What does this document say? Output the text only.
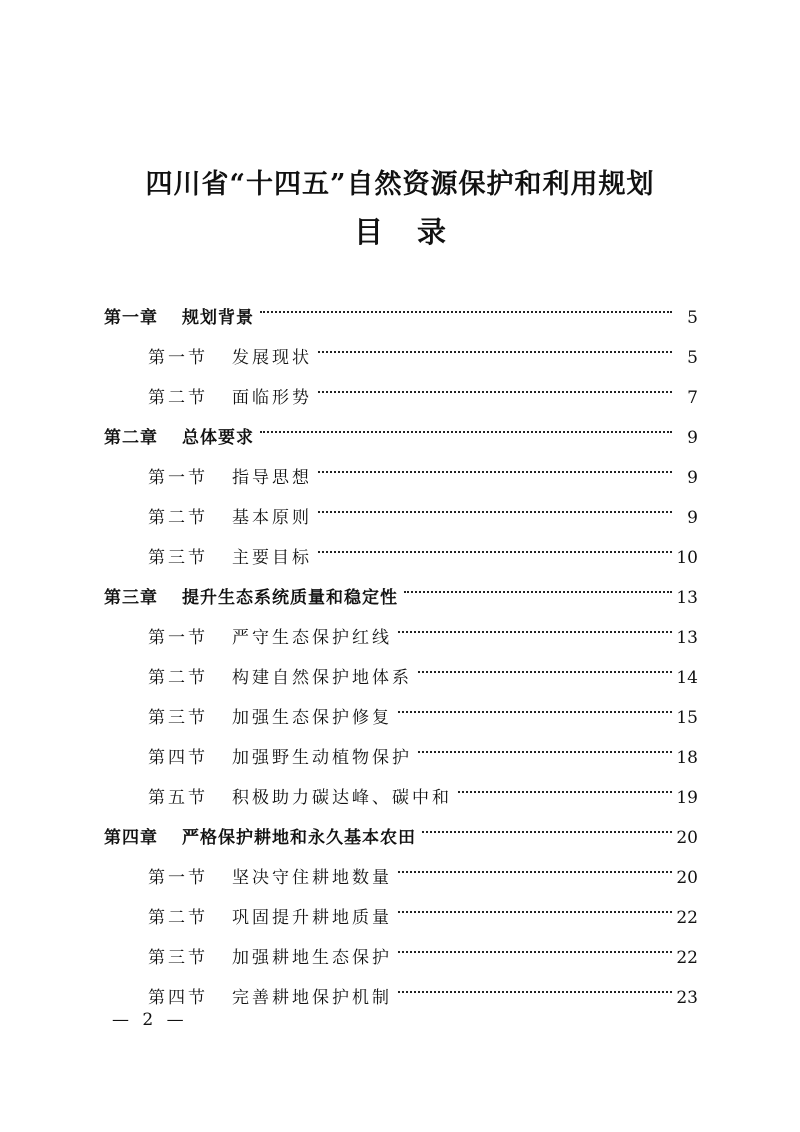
四川省“十四五”自然资源保护和利用规划
目录
第一章 规划背景	5
第一节 发展现状	5
第二节 面临形势	7
第二章 总体要求	9
第一节 指导思想	9
第二节 基本原则	9
第三节 主要目标	10
第三章 提升生态系统质量和稳定性	13
第一节 严守生态保护红线	13
第二节 构建自然保护地体系	14
第三节 加强生态保护修复	15
第四节 加强野生动植物保护	18
第五节 积极助力碳达峰、碳中和	19
第四章 严格保护耕地和永久基本农田	20
第一节 坚决守住耕地数量	20
第二节 巩固提升耕地质量	22
第三节 加强耕地生态保护	22
第四节 完善耕地保护机制	23
— 2 —
